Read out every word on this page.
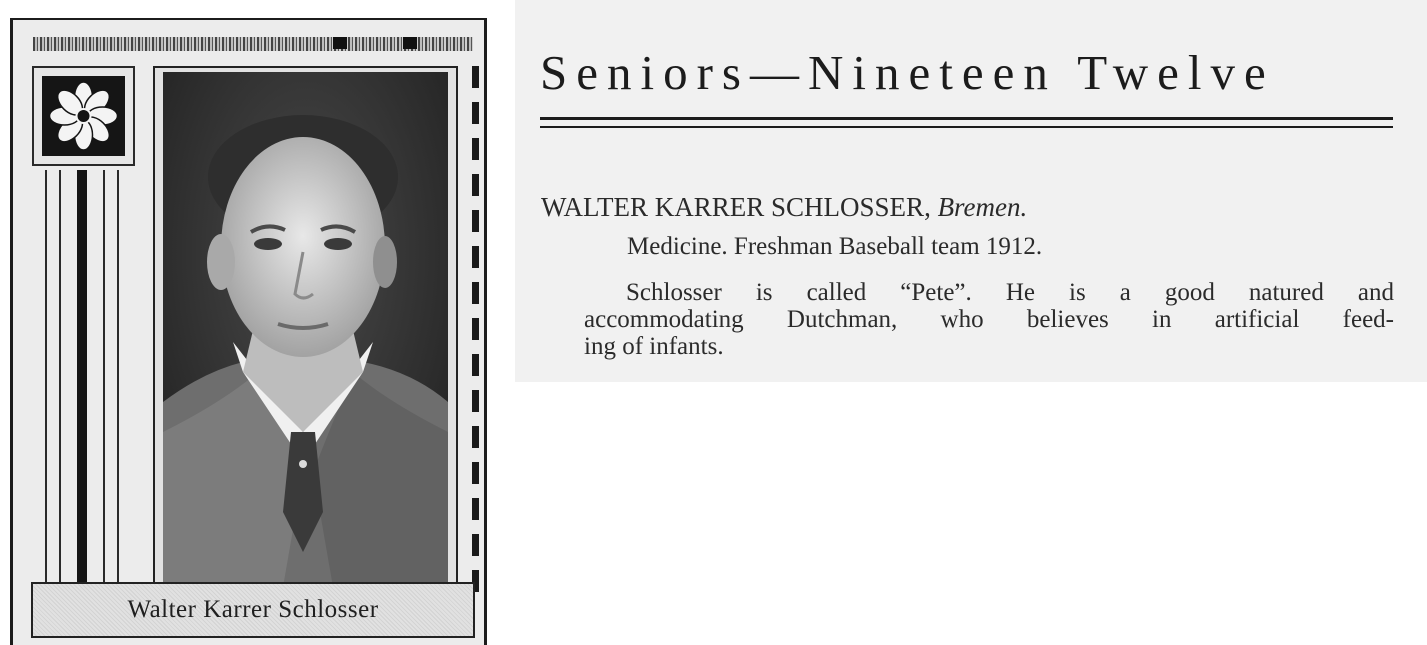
Walter Karrer Schlosser
Seniors—Nineteen Twelve
WALTER KARRER SCHLOSSER, Bremen.
Medicine. Freshman Baseball team 1912.
Schlosser is called “Pete”. He is a good natured and
accommodating Dutchman, who believes in artificial feed-
ing of infants.
